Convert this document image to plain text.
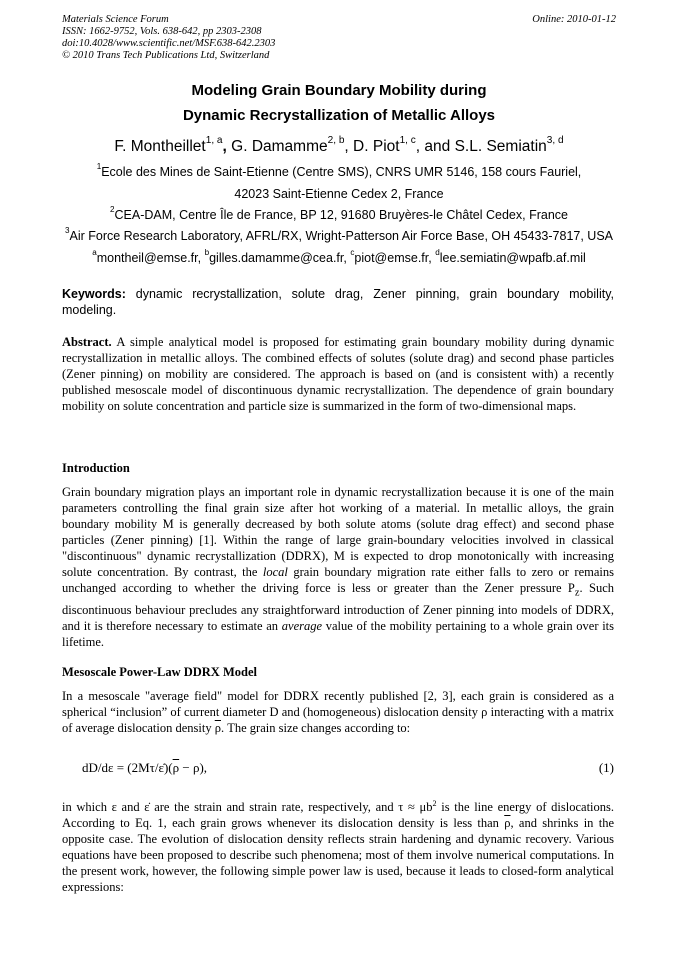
Materials Science Forum
ISSN: 1662-9752, Vols. 638-642, pp 2303-2308
doi:10.4028/www.scientific.net/MSF.638-642.2303
© 2010 Trans Tech Publications Ltd, Switzerland
Online: 2010-01-12
Modeling Grain Boundary Mobility during
Dynamic Recrystallization of Metallic Alloys
F. Montheillet$^{1, a}$, G. Damamme$^{2, b}$, D. Piot$^{1, c}$, and S.L. Semiatin$^{3, d}$
$^1$Ecole des Mines de Saint-Etienne (Centre SMS), CNRS UMR 5146, 158 cours Fauriel,
42023 Saint-Etienne Cedex 2, France
$^2$CEA-DAM, Centre Île de France, BP 12, 91680 Bruyères-le Châtel Cedex, France
$^3$Air Force Research Laboratory, AFRL/RX, Wright-Patterson Air Force Base, OH 45433-7817, USA
$^a$montheil@emse.fr, $^b$gilles.damamme@cea.fr, $^c$piot@emse.fr, $^d$lee.semiatin@wpafb.af.mil
Keywords: dynamic recrystallization, solute drag, Zener pinning, grain boundary mobility, modeling.
Abstract. A simple analytical model is proposed for estimating grain boundary mobility during dynamic recrystallization in metallic alloys. The combined effects of solutes (solute drag) and second phase particles (Zener pinning) on mobility are considered. The approach is based on (and is consistent with) a recently published mesoscale model of discontinuous dynamic recrystallization. The dependence of grain boundary mobility on solute concentration and particle size is summarized in the form of two-dimensional maps.
Introduction
Grain boundary migration plays an important role in dynamic recrystallization because it is one of the main parameters controlling the final grain size after hot working of a material. In metallic alloys, the grain boundary mobility M is generally decreased by both solute atoms (solute drag effect) and second phase particles (Zener pinning) [1]. Within the range of large grain-boundary velocities involved in classical "discontinuous" dynamic recrystallization (DDRX), M is expected to drop monotonically with increasing solute concentration. By contrast, the local grain boundary migration rate either falls to zero or remains unchanged according to whether the driving force is less or greater than the Zener pressure $P_z$. Such discontinuous behaviour precludes any straightforward introduction of Zener pinning into models of DDRX, and it is therefore necessary to estimate an average value of the mobility pertaining to a whole grain over its lifetime.
Mesoscale Power-Law DDRX Model
In a mesoscale "average field" model for DDRX recently published [2, 3], each grain is considered as a spherical “inclusion” of current diameter D and (homogeneous) dislocation density ρ interacting with a matrix of average dislocation density $\overline{\rho}$. The grain size changes according to:
$dD/d\varepsilon = (2M\tau/\varepsiloṅ)(\overline{\rho} - \rho)$,	(1)
in which ε and ε̇ are the strain and strain rate, respectively, and $\tau \approx \mu b^2$ is the line energy of dislocations. According to Eq. 1, each grain grows whenever its dislocation density is less than $\overline{\rho}$, and shrinks in the opposite case. The evolution of dislocation density reflects strain hardening and dynamic recovery. Various equations have been proposed to describe such phenomena; most of them involve numerical computations. In the present work, however, the following simple power law is used, because it leads to closed-form analytical expressions:
